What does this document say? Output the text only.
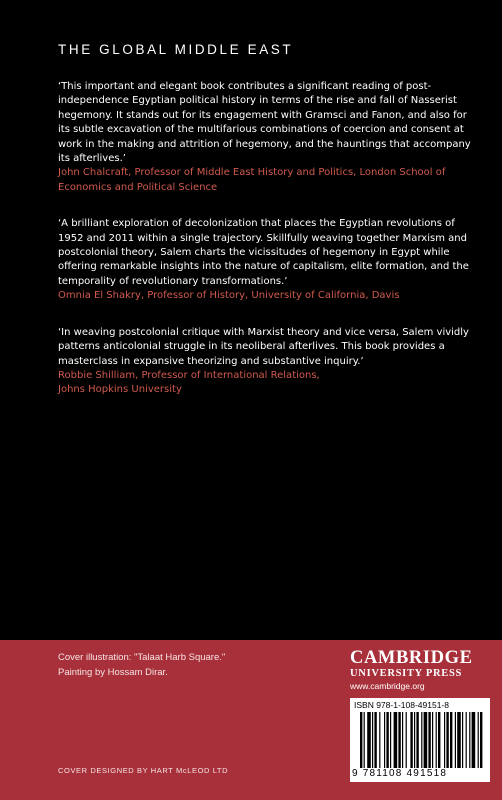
THE GLOBAL MIDDLE EAST

‘This important and elegant book contributes a significant reading of post-independence Egyptian political history in terms of the rise and fall of Nasserist hegemony. It stands out for its engagement with Gramsci and Fanon, and also for its subtle excavation of the multifarious combinations of coercion and consent at work in the making and attrition of hegemony, and the hauntings that accompany its afterlives.’

John Chalcraft, Professor of Middle East History and Politics, London School of Economics and Political Science

‘A brilliant exploration of decolonization that places the Egyptian revolutions of 1952 and 2011 within a single trajectory. Skillfully weaving together Marxism and postcolonial theory, Salem charts the vicissitudes of hegemony in Egypt while offering remarkable insights into the nature of capitalism, elite formation, and the temporality of revolutionary transformations.’

Omnia El Shakry, Professor of History, University of California, Davis

‘In weaving postcolonial critique with Marxist theory and vice versa, Salem vividly patterns anticolonial struggle in its neoliberal afterlives. This book provides a masterclass in expansive theorizing and substantive inquiry.’

Robbie Shilliam, Professor of International Relations,

Johns Hopkins University

Cover illustration: "Talaat Harb Square."
Painting by Hossam Dirar.
COVER DESIGNED BY HART McLEOD LTD
CAMBRIDGE
UNIVERSITY PRESS
www.cambridge.org
ISBN 978-1-108-49151-8
9 781108 491518
